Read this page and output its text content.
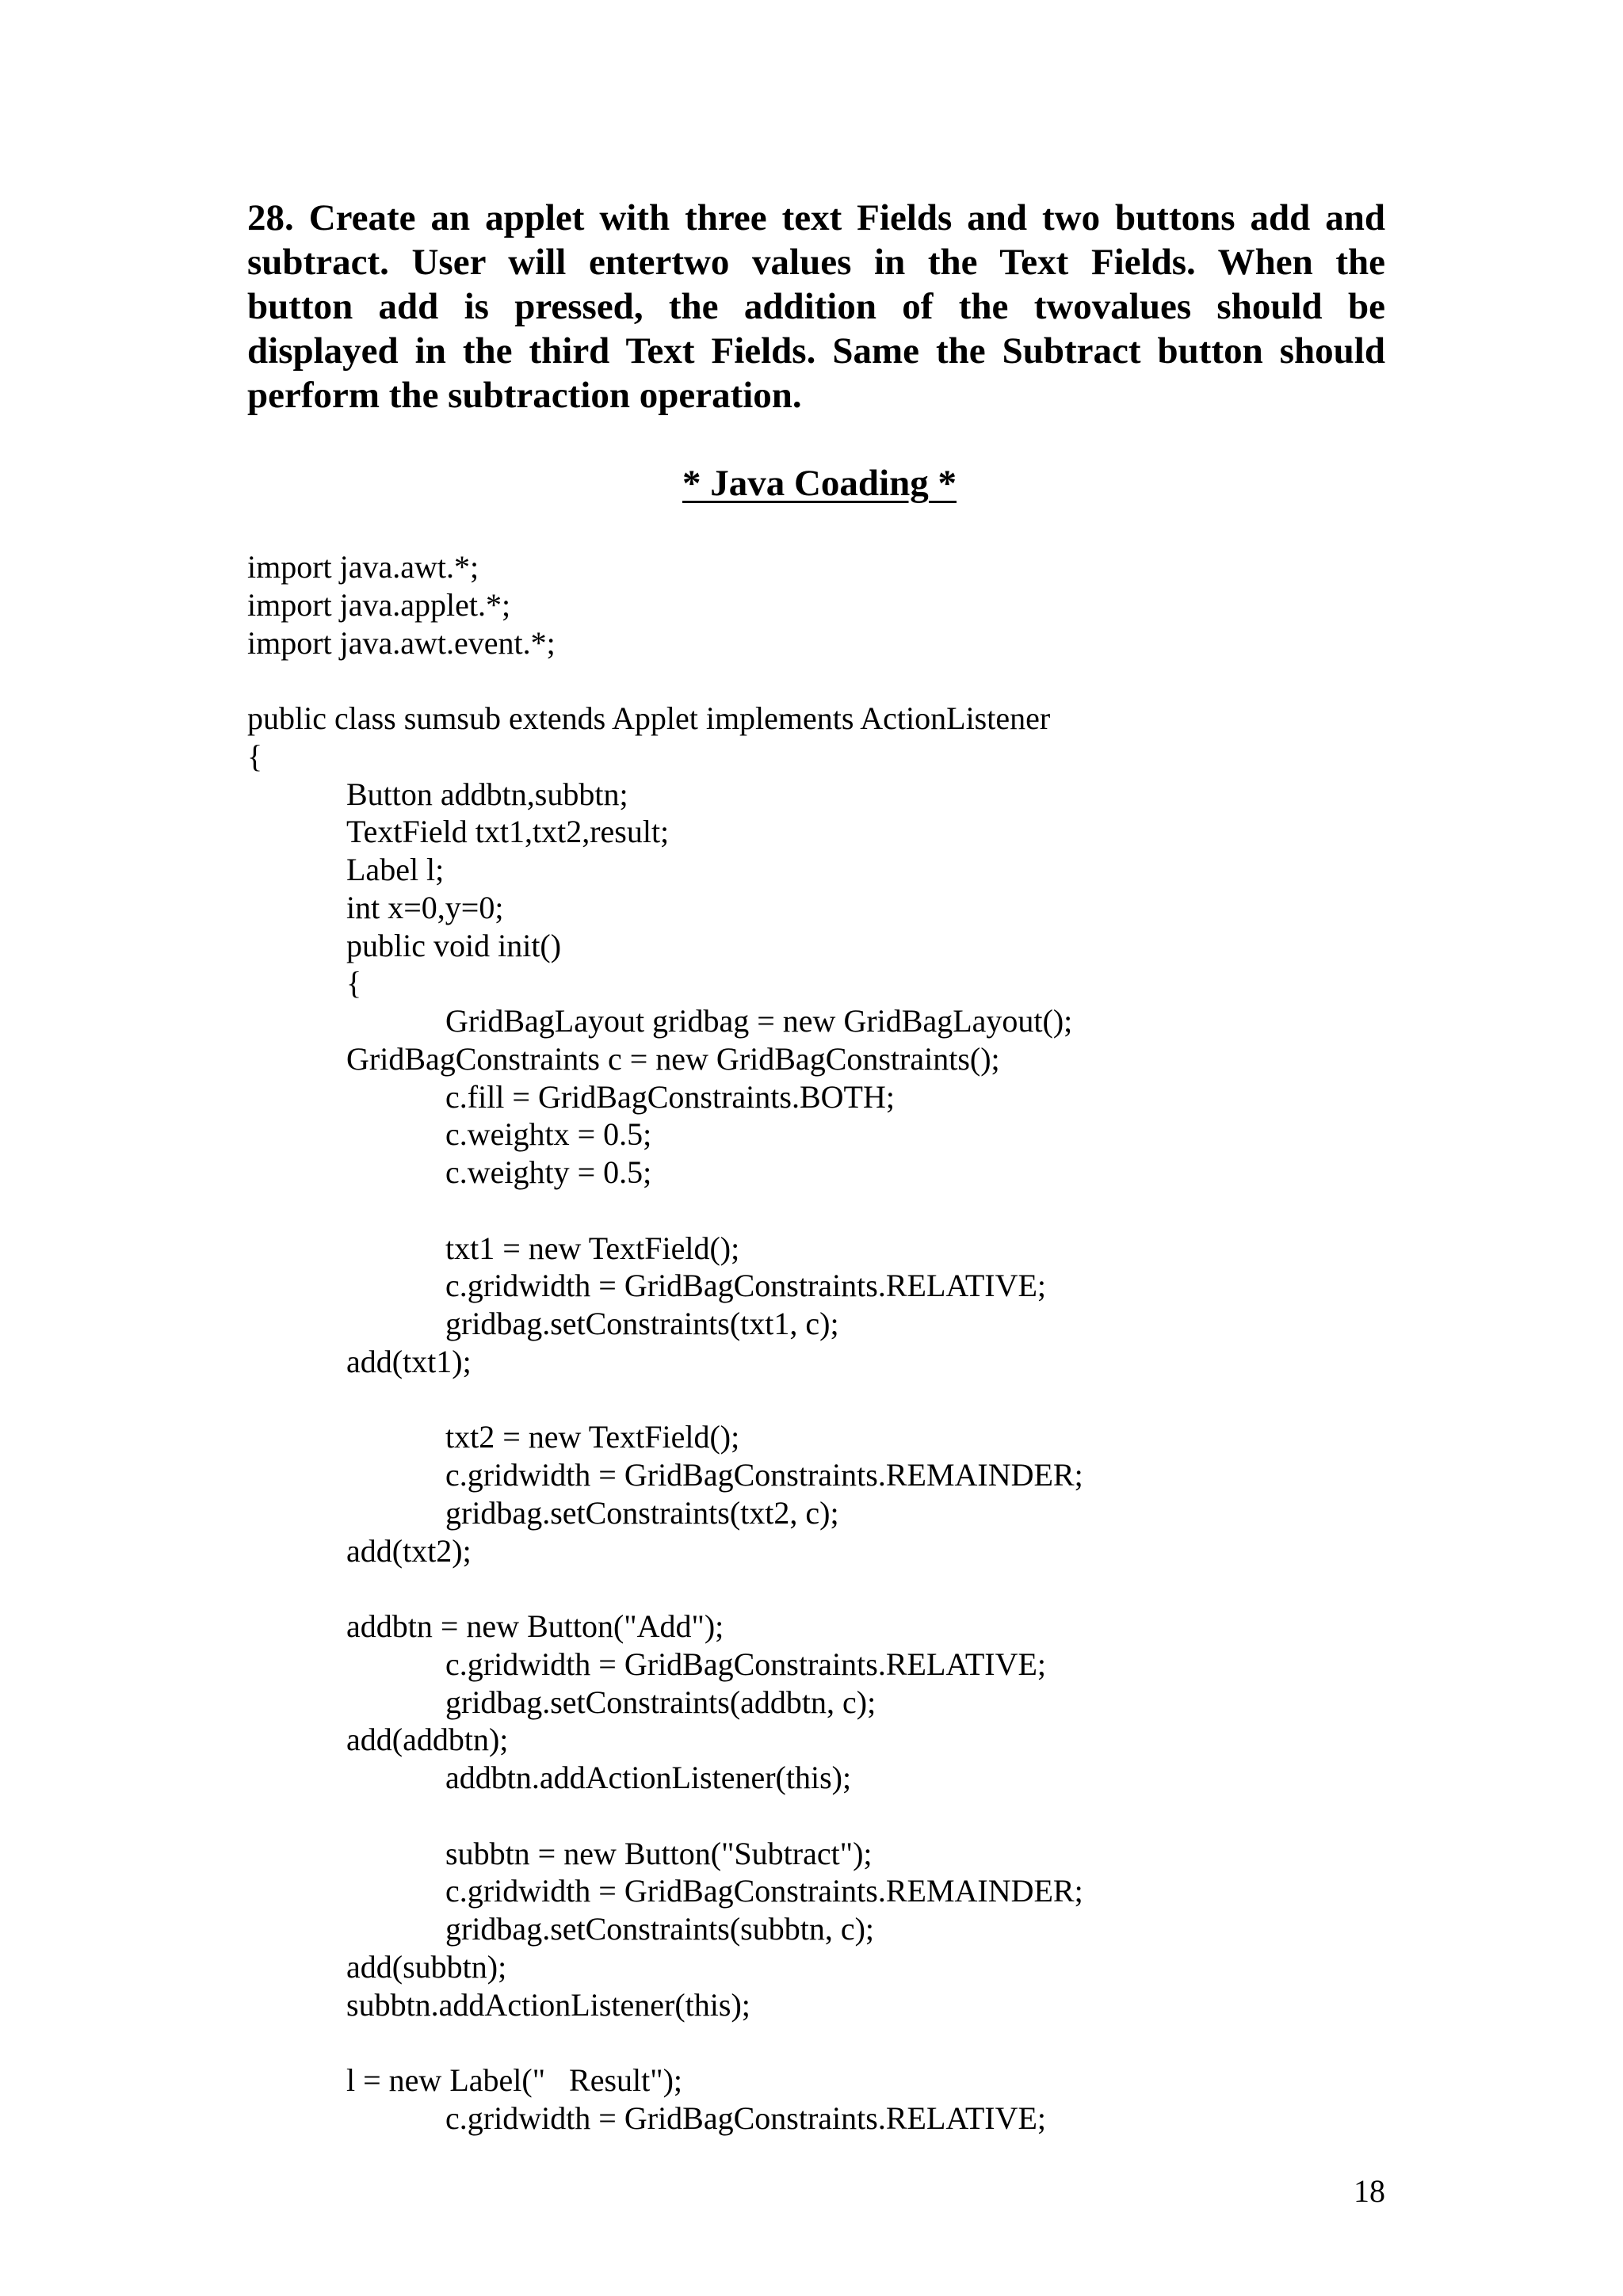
28. Create an applet with three text Fields and two buttons add and
subtract. User will entertwo values in the Text Fields. When the
button add is pressed, the addition of the twovalues should be
displayed in the third Text Fields. Same the Subtract button should
perform the subtraction operation.
* Java Coading *
import java.awt.*;
import java.applet.*;
import java.awt.event.*;
public class sumsub extends Applet implements ActionListener
{
Button addbtn,subbtn;
TextField txt1,txt2,result;
Label l;
int x=0,y=0;
public void init()
{
GridBagLayout gridbag = new GridBagLayout();
GridBagConstraints c = new GridBagConstraints();
c.fill = GridBagConstraints.BOTH;
c.weightx = 0.5;
c.weighty = 0.5;
txt1 = new TextField();
c.gridwidth = GridBagConstraints.RELATIVE;
gridbag.setConstraints(txt1, c);
add(txt1);
txt2 = new TextField();
c.gridwidth = GridBagConstraints.REMAINDER;
gridbag.setConstraints(txt2, c);
add(txt2);
addbtn = new Button("Add");
c.gridwidth = GridBagConstraints.RELATIVE;
gridbag.setConstraints(addbtn, c);
add(addbtn);
addbtn.addActionListener(this);
subbtn = new Button("Subtract");
c.gridwidth = GridBagConstraints.REMAINDER;
gridbag.setConstraints(subbtn, c);
add(subbtn);
subbtn.addActionListener(this);
l = new Label("   Result");
c.gridwidth = GridBagConstraints.RELATIVE;
18
